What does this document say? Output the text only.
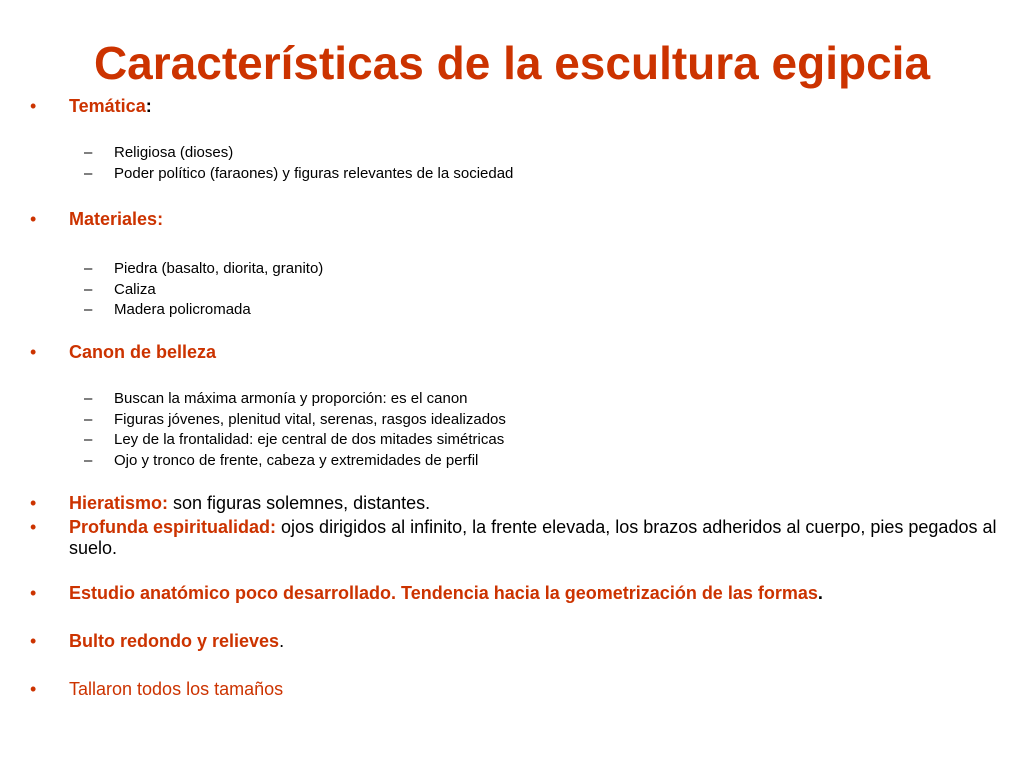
Características de la escultura egipcia
• Temática:
– Religiosa (dioses)
– Poder político (faraones) y figuras relevantes de la sociedad
• Materiales:
– Piedra (basalto, diorita, granito)
– Caliza
– Madera policromada
• Canon de belleza
– Buscan la máxima armonía y proporción: es el canon
– Figuras jóvenes, plenitud vital, serenas, rasgos idealizados
– Ley de la frontalidad: eje central de dos mitades simétricas
– Ojo y tronco de frente, cabeza y extremidades de perfil
• Hieratismo: son figuras solemnes, distantes.
• Profunda espiritualidad: ojos dirigidos al infinito, la frente elevada, los brazos adheridos al cuerpo, pies pegados al suelo.
• Estudio anatómico poco desarrollado. Tendencia hacia la geometrización de las formas.
• Bulto redondo y relieves.
• Tallaron todos los tamaños
